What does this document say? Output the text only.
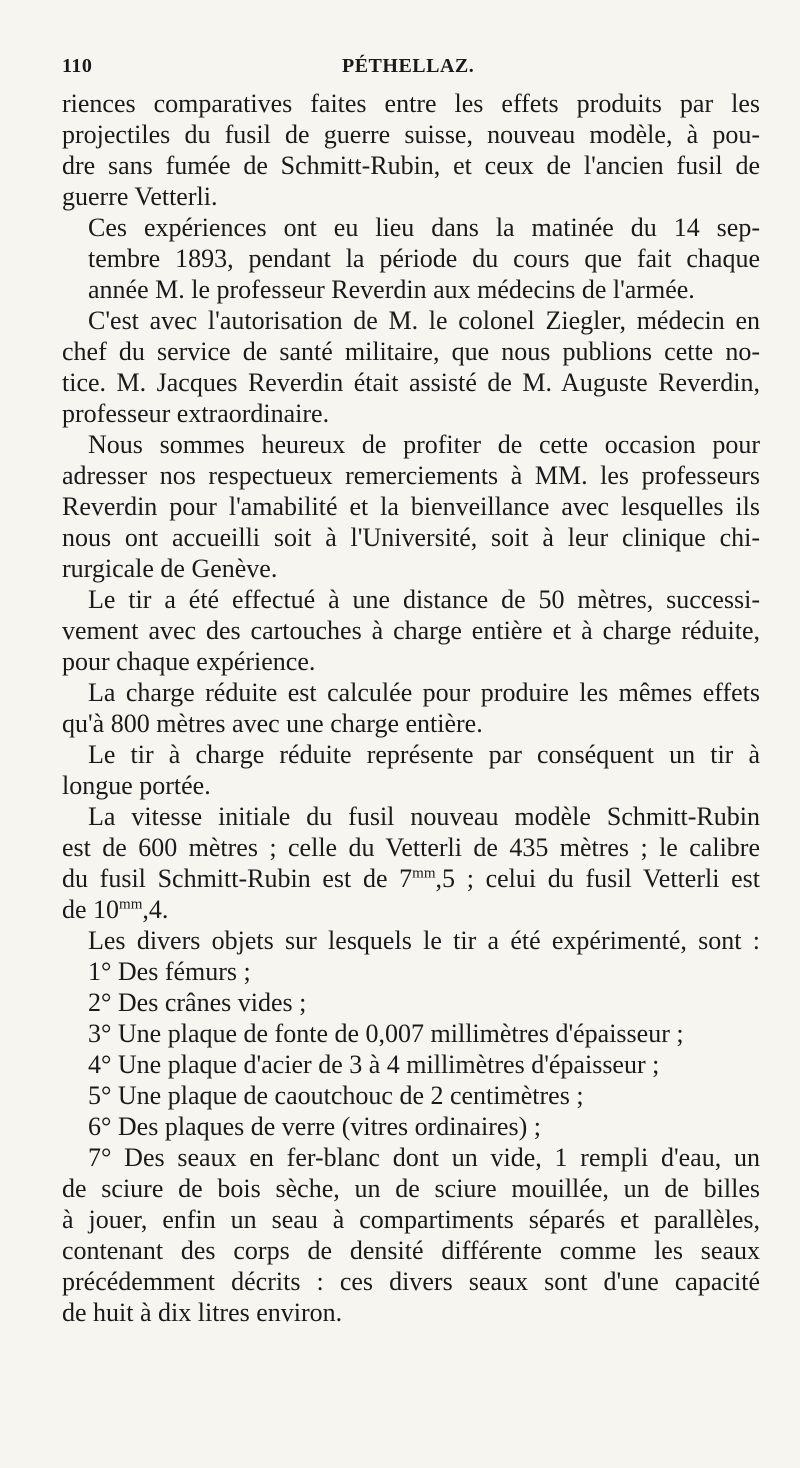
110	PÉTHELLAZ.
riences comparatives faites entre les effets produits par les
projectiles du fusil de guerre suisse, nouveau modèle, à pou-
dre sans fumée de Schmitt-Rubin, et ceux de l'ancien fusil de
guerre Vetterli.
Ces expériences ont eu lieu dans la matinée du 14 sep-
tembre 1893, pendant la période du cours que fait chaque
année M. le professeur Reverdin aux médecins de l'armée.
C'est avec l'autorisation de M. le colonel Ziegler, médecin en
chef du service de santé militaire, que nous publions cette no-
tice. M. Jacques Reverdin était assisté de M. Auguste Reverdin,
professeur extraordinaire.
Nous sommes heureux de profiter de cette occasion pour
adresser nos respectueux remerciements à MM. les professeurs
Reverdin pour l'amabilité et la bienveillance avec lesquelles ils
nous ont accueilli soit à l'Université, soit à leur clinique chi-
rurgicale de Genève.
Le tir a été effectué à une distance de 50 mètres, successi-
vement avec des cartouches à charge entière et à charge réduite,
pour chaque expérience.
La charge réduite est calculée pour produire les mêmes effets
qu'à 800 mètres avec une charge entière.
Le tir à charge réduite représente par conséquent un tir à
longue portée.
La vitesse initiale du fusil nouveau modèle Schmitt-Rubin
est de 600 mètres ; celle du Vetterli de 435 mètres ; le calibre
du fusil Schmitt-Rubin est de $7^{mm},5$ ; celui du fusil Vetterli est
de $10^{mm},4$.
Les divers objets sur lesquels le tir a été expérimenté, sont :
1° Des fémurs ;
2° Des crânes vides ;
3° Une plaque de fonte de 0,007 millimètres d'épaisseur ;
4° Une plaque d'acier de 3 à 4 millimètres d'épaisseur ;
5° Une plaque de caoutchouc de 2 centimètres ;
6° Des plaques de verre (vitres ordinaires) ;
7° Des seaux en fer-blanc dont un vide, 1 rempli d'eau, un
de sciure de bois sèche, un de sciure mouillée, un de billes
à jouer, enfin un seau à compartiments séparés et parallèles,
contenant des corps de densité différente comme les seaux
précédemment décrits : ces divers seaux sont d'une capacité
de huit à dix litres environ.
